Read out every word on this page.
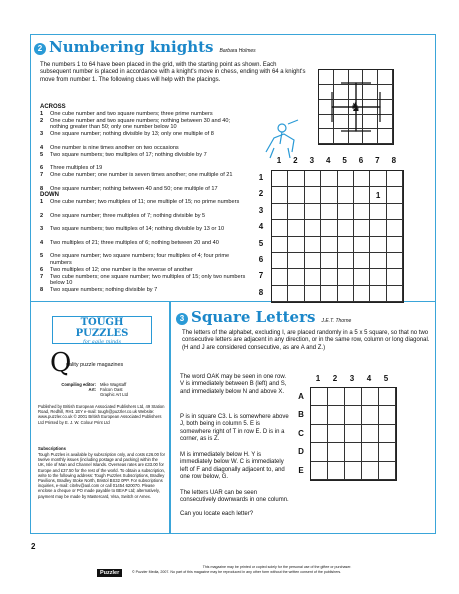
2 Numbering knights Barbara Holmes
The numbers 1 to 64 have been placed in the grid, with the starting point as shown. Each subsequent number is placed in accordance with a knight's move in chess, ending with 64 a knight's move from number 1. The following clues will help with the placings.
♞
ACROSS
1	One cube number and two square numbers; three prime numbers
2	One cube number and two square numbers; nothing between 30 and 40; nothing greater than 50; only one number below 10
3	One square number; nothing divisible by 13; only one multiple of 8
4	One number is nine times another on two occasions
5	Two square numbers; two multiples of 17; nothing divisible by 7
6	Three multiples of 19
7	One cube number; one number is seven times another; one multiple of 21
8	One square number; nothing between 40 and 50; one multiple of 17
DOWN
1	One cube number; two multiples of 11; one multiple of 15; no prime numbers
2	One square number; three multiples of 7; nothing divisible by 5
3	Two square numbers; two multiples of 14; nothing divisible by 13 or 10
4	Two multiples of 21; three multiples of 6; nothing between 20 and 40
5	One square number; two square numbers; four multiples of 4; four prime numbers
6	Two multiples of 12; one number is the reverse of another
7	Two cube numbers; one square number; two multiples of 15; only two numbers below 10
8	Two square numbers; nothing divisible by 7
1	2	3	4	5	6	7	8
1
2
3
4
5
6
7
8
1
TOUGH PUZZLES
for agile minds
Q
uality puzzle magazines
Compiling editor: Mike Wagstaff
Art: Falcon Oast
Graphic Art Ltd
Published by British European Associated Publishers Ltd, 49 Station Road, Redhill, RH1 1EY e-mail: tough@puzzler.co.uk Website: www.puzzler.co.uk © 2001 British European Associated Publishers Ltd Printed by E. J. W. Colour Print Ltd
Subscriptions
Tough Puzzles is available by subscription only, and costs £26.00 for twelve monthly issues (including postage and packing) within the UK, Isle of Man and Channel Islands. Overseas rates are £33.00 for Europe and £37.50 for the rest of the world. To obtain a subscription, write to the following address: Tough Puzzles Subscriptions, Bradley Pavilions, Bradley Stoke North, Bristol BS32 0PP. For subscriptions inquiries, e-mail: citvhv@aol.com or call 01454 620070. Please enclose a cheque or PO made payable to BEAP Ltd; alternatively, payment may be made by Mastercard, Visa, Switch or Amex.
3 Square Letters J.E.T. Thorne
The letters of the alphabet, excluding I, are placed randomly in a 5 x 5 square, so that no two consecutive letters are adjacent in any direction, or in the same row, column or long diagonal. (H and J are considered consecutive, as are A and Z.)
The word OAK may be seen in one row. V is immediately between B (left) and S, and immediately below N and above X.
P is in square C3. L is somewhere above J, both being in column 5. E is somewhere right of T in row E. D is in a corner, as is Z.
M is immediately below H. Y is immediately below W. C is immediately left of F and diagonally adjacent to, and one row below, G.
The letters UAR can be seen consecutively downwards in one column.
Can you locate each letter?
1	2	3	4	5
A
B
C
D
E
2
Puzzler
This magazine may be printed or copied solely for the personal use of the giftee or purchaser.
© Puzzler Media, 2007. No part of this magazine may be reproduced in any other form without the written consent of the publishers.
